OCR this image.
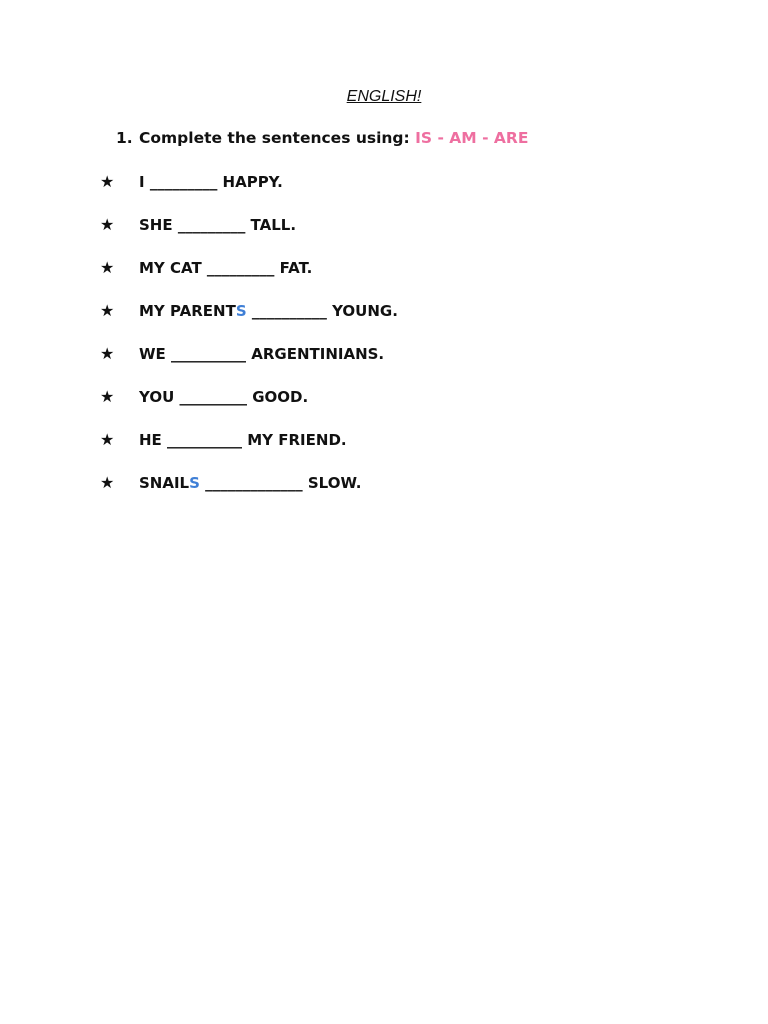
ENGLISH!
1. Complete the sentences using: IS - AM - ARE
★	I _________ HAPPY.
★	SHE _________ TALL.
★	MY CAT _________ FAT.
★	MY PARENTS __________ YOUNG.
★	WE __________ ARGENTINIANS.
★	YOU _________ GOOD.
★	HE __________ MY FRIEND.
★	SNAILS _____________ SLOW.
